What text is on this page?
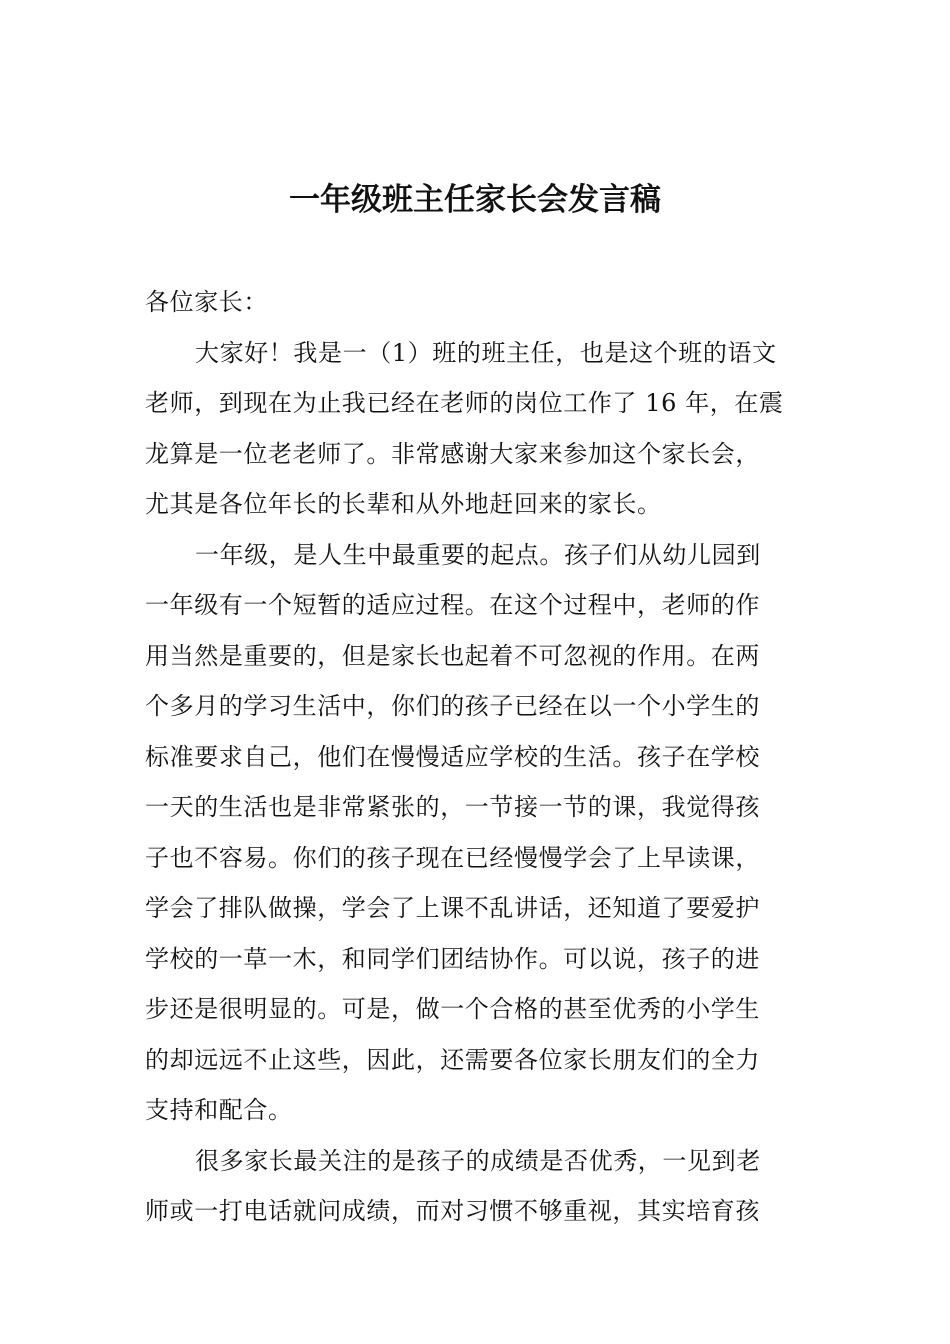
一年级班主任家长会发言稿
各位家长：
大家好！我是一（1）班的班主任，也是这个班的语文
老师，到现在为止我已经在老师的岗位工作了 16 年，在震
龙算是一位老老师了。非常感谢大家来参加这个家长会，
尤其是各位年长的长辈和从外地赶回来的家长。
一年级，是人生中最重要的起点。孩子们从幼儿园到
一年级有一个短暂的适应过程。在这个过程中，老师的作
用当然是重要的，但是家长也起着不可忽视的作用。在两
个多月的学习生活中，你们的孩子已经在以一个小学生的
标准要求自己，他们在慢慢适应学校的生活。孩子在学校
一天的生活也是非常紧张的，一节接一节的课，我觉得孩
子也不容易。你们的孩子现在已经慢慢学会了上早读课，
学会了排队做操，学会了上课不乱讲话，还知道了要爱护
学校的一草一木，和同学们团结协作。可以说，孩子的进
步还是很明显的。可是，做一个合格的甚至优秀的小学生
的却远远不止这些，因此，还需要各位家长朋友们的全力
支持和配合。
很多家长最关注的是孩子的成绩是否优秀，一见到老
师或一打电话就问成绩，而对习惯不够重视，其实培育孩
